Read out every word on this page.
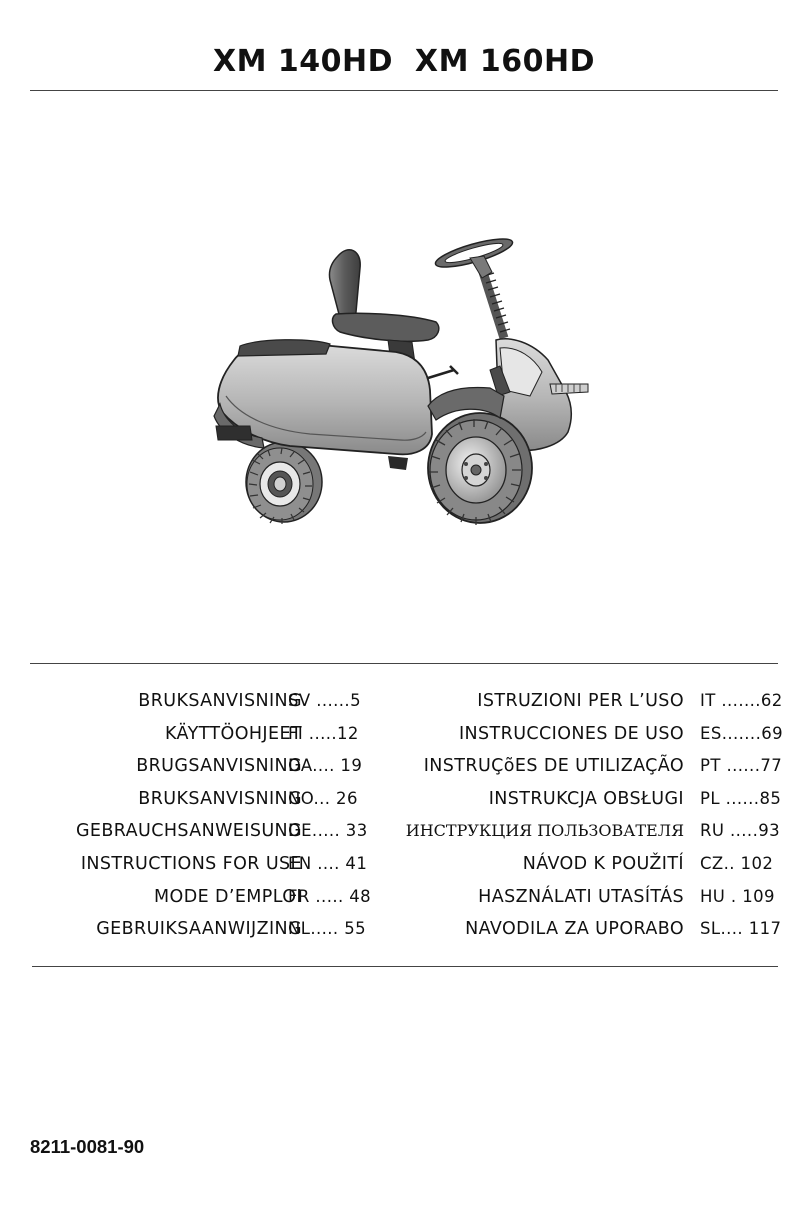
XM 140HD  XM 160HD
BRUKSANVISNING
SV ......5
KÄYTTÖOHJEET
FI .....12
BRUGSANVISNING
DA.... 19
BRUKSANVISNING
NO... 26
GEBRAUCHSANWEISUNG
DE..... 33
INSTRUCTIONS FOR USE
EN .... 41
MODE D’EMPLOI
FR ..... 48
GEBRUIKSAANWIJZING
NL..... 55
ISTRUZIONI PER L’USO IT .......62
INSTRUCCIONES DE USO ES.......69
INSTRUÇõES DE UTILIZAÇÃO PT ......77
INSTRUKCJA OBSŁUGI PL ......85
ИНСТРУКЦИЯ ПОЛЬЗОВАТЕЛЯ RU .....93
NÁVOD K POUŽITÍ CZ.. 102
HASZNÁLATI UTASÍTÁS HU . 109
NAVODILA ZA UPORABO SL.... 117
8211-0081-90
